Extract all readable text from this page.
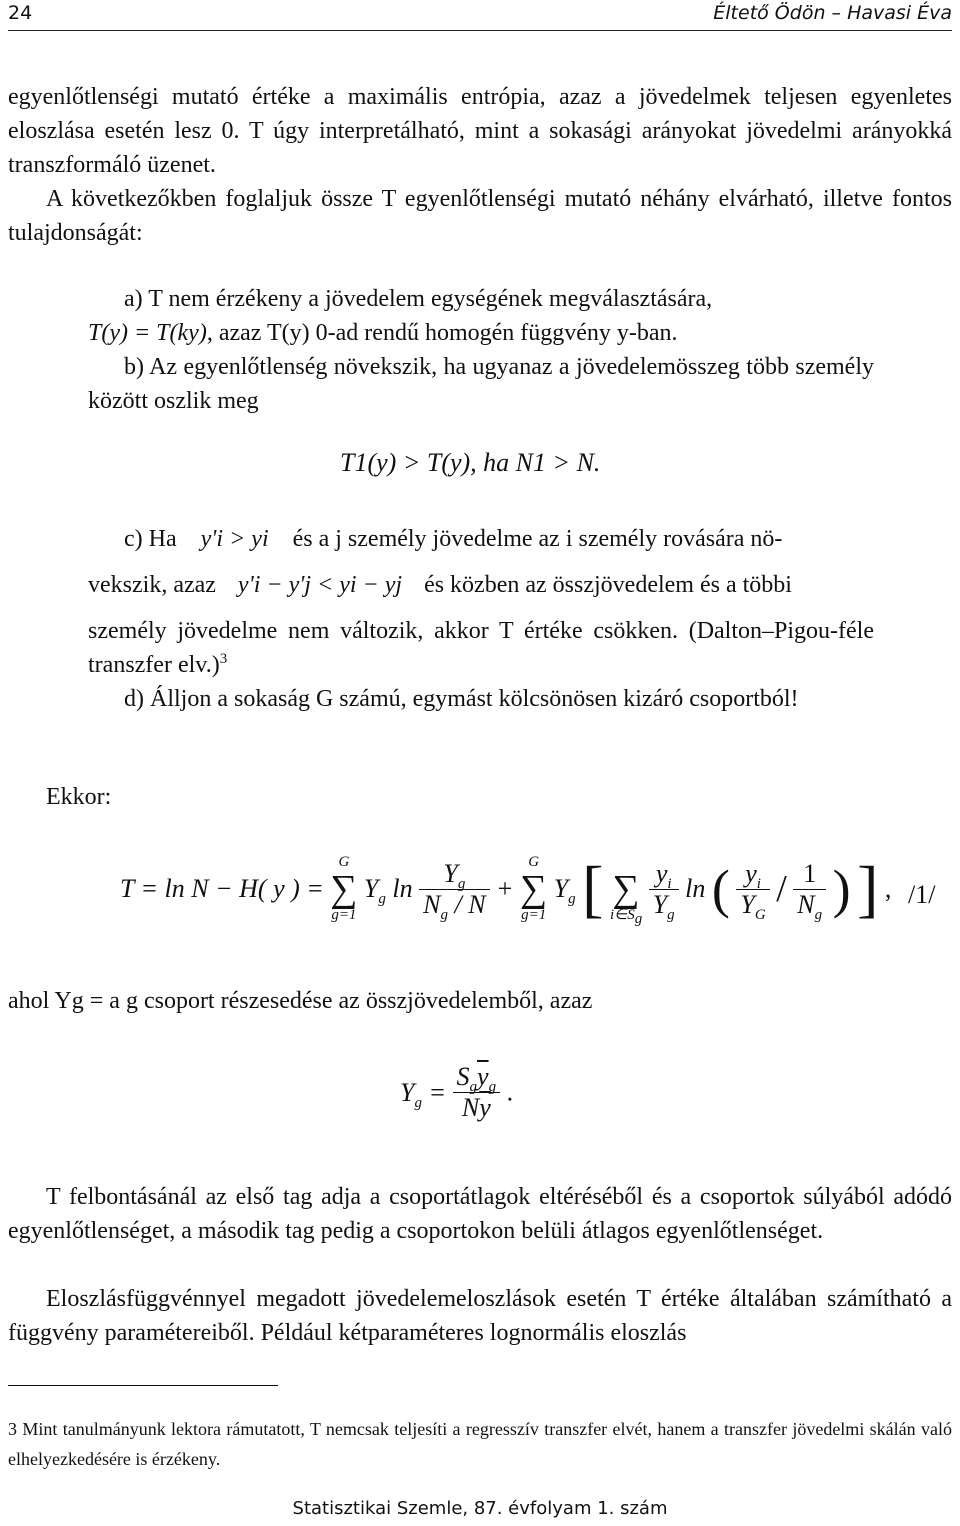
24	Éltető Ödön – Havasi Éva

egyenlőtlenségi mutató értéke a maximális entrópia, azaz a jövedelmek teljesen egyenletes eloszlása esetén lesz 0. T úgy interpretálható, mint a sokasági arányokat jövedelmi arányokká transzformáló üzenet.

A következőkben foglaljuk össze T egyenlőtlenségi mutató néhány elvárható, illetve fontos tulajdonságát:

a) T nem érzékeny a jövedelem egységének megválasztására,

T(y) = T(ky), azaz T(y) 0-ad rendű homogén függvény y-ban.

b) Az egyenlőtlenség növekszik, ha ugyanaz a jövedelemösszeg több személy között oszlik meg

T1(y) > T(y), ha N1 > N.

c) Ha y'i > yi és a j személy jövedelme az i személy rovására nö-

vekszik, azaz y'i − y'j < yi − yj és közben az összjövedelem és a többi

személy jövedelme nem változik, akkor T értéke csökken. (Dalton–Pigou-féle transzfer elv.)$^3$

d) Álljon a sokaság G számú, egymást kölcsönösen kizáró csoportból!

Ekkor:

T = ln N − H( y ) =
G
∑
g=1
$Y_g$ $\ln \frac{Y_g}{N_g / N}$ +
G
∑
g=1
$Y_g$ [
∑
$i\in S_g$
$\frac{y_i}{Y_g}$ ln ( $\frac{y_i}{Y_G} / \frac{1}{N_g}$ ) ] , /1/

ahol Yg = a g csoport részesedése az összjövedelemből, azaz

$Y_g = \frac{S_g\overline{y}_g}{N\overline{y}}$ .

T felbontásánál az első tag adja a csoportátlagok eltéréséből és a csoportok súlyából adódó egyenlőtlenséget, a második tag pedig a csoportokon belüli átlagos egyenlőtlenséget.

Eloszlásfüggvénnyel megadott jövedelemeloszlások esetén T értéke általában számítható a függvény paramétereiből. Például kétparaméteres lognormális eloszlás

3 Mint tanulmányunk lektora rámutatott, T nemcsak teljesíti a regresszív transzfer elvét, hanem a transzfer jövedelmi skálán való elhelyezkedésére is érzékeny.

Statisztikai Szemle, 87. évfolyam 1. szám
